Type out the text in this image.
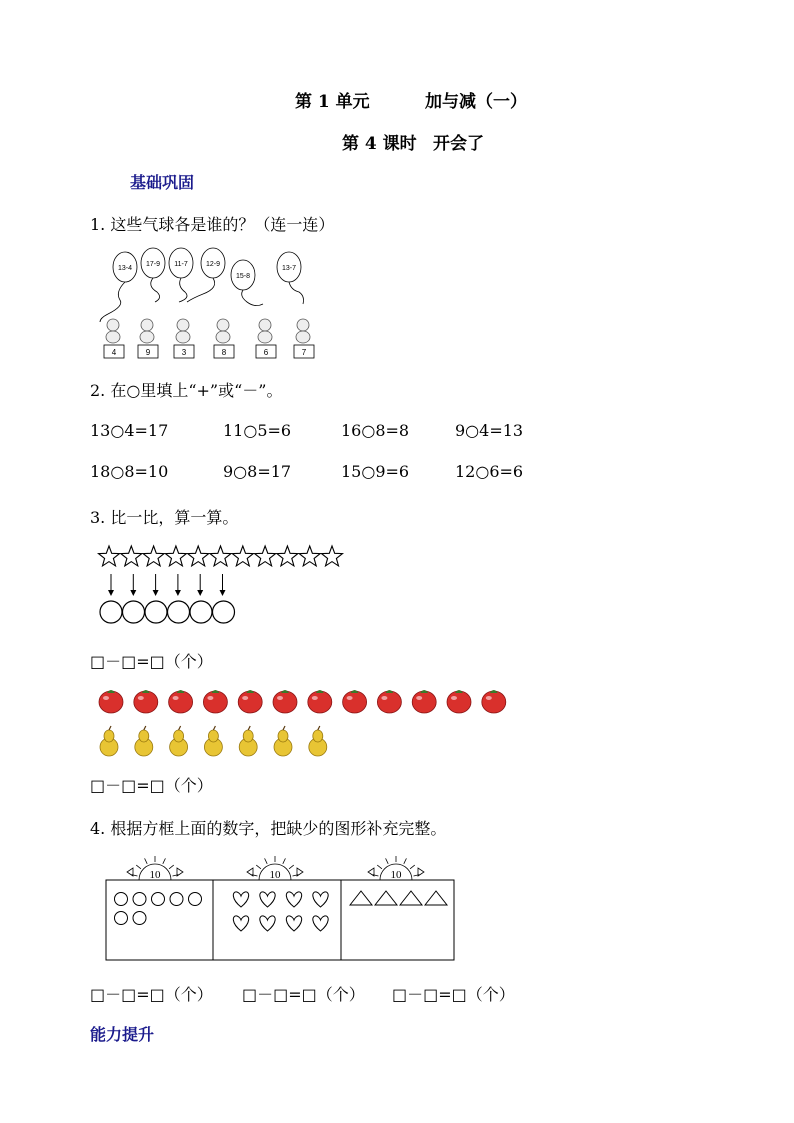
第 1 单元	加与减（一）
第 4 课时 开会了
基础巩固
1. 这些气球各是谁的？（连一连）
13-4
17-9 11-7	12-9
15-8
13-7
4	9	3	8	6	7
2. 在○里填上“+”或“－”。
13○4=17	11○5=6	16○8=8	9○4=13
18○8=10	9○8=17	15○9=6	12○6=6
3. 比一比，算一算。
□－□=□（个）
□－□=□（个）
4. 根据方框上面的数字，把缺少的图形补充完整。
10	10	10
□－□=□（个） □－□=□（个） □－□=□（个）
能力提升
